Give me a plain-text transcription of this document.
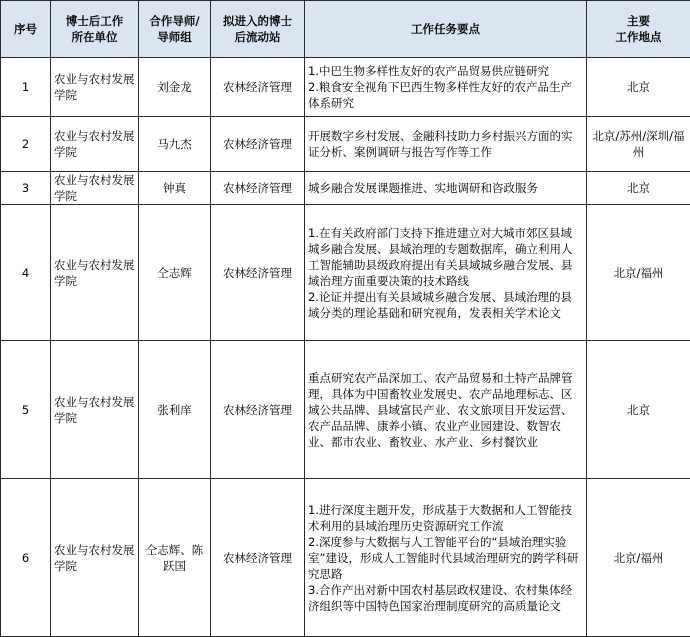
序号	博士后工作
所在单位	合作导师/
导师组	拟进入的博士
后流动站	工作任务要点	主要
工作地点
1	农业与农村发展学院	刘金龙	农林经济管理	1.中巴生物多样性友好的农产品贸易供应链研究
2.粮食安全视角下巴西生物多样性友好的农产品生产体系研究	北京
2	农业与农村发展学院	马九杰	农林经济管理	开展数字乡村发展、金融科技助力乡村振兴方面的实证分析、案例调研与报告写作等工作	北京/苏州/深圳/福州
3	农业与农村发展学院	钟真	农林经济管理	城乡融合发展课题推进、实地调研和咨政服务	北京
4	农业与农村发展学院	仝志辉	农林经济管理	1.在有关政府部门支持下推进建立对大城市郊区县域城乡融合发展、县域治理的专题数据库，确立利用人工智能辅助县级政府提出有关县域城乡融合发展、县域治理方面重要决策的技术路线
2.论证并提出有关县域城乡融合发展、县域治理的县域分类的理论基础和研究视角，发表相关学术论文	北京/福州
5	农业与农村发展学院	张利庠	农林经济管理	重点研究农产品深加工、农产品贸易和土特产品牌管理，具体为中国畜牧业发展史、农产品地理标志、区域公共品牌、县域富民产业、农文旅项目开发运营、农产品品牌、康养小镇、农业产业园建设、数智农业、都市农业、畜牧业、水产业、乡村餐饮业	北京
6	农业与农村发展学院	仝志辉、陈跃国	农林经济管理	1.进行深度主题开发，形成基于大数据和人工智能技术利用的县域治理历史资源研究工作流
2.深度参与大数据与人工智能平台的“县域治理实验室”建设，形成人工智能时代县域治理研究的跨学科研究思路
3.合作产出对新中国农村基层政权建设、农村集体经济组织等中国特色国家治理制度研究的高质量论文	北京/福州
